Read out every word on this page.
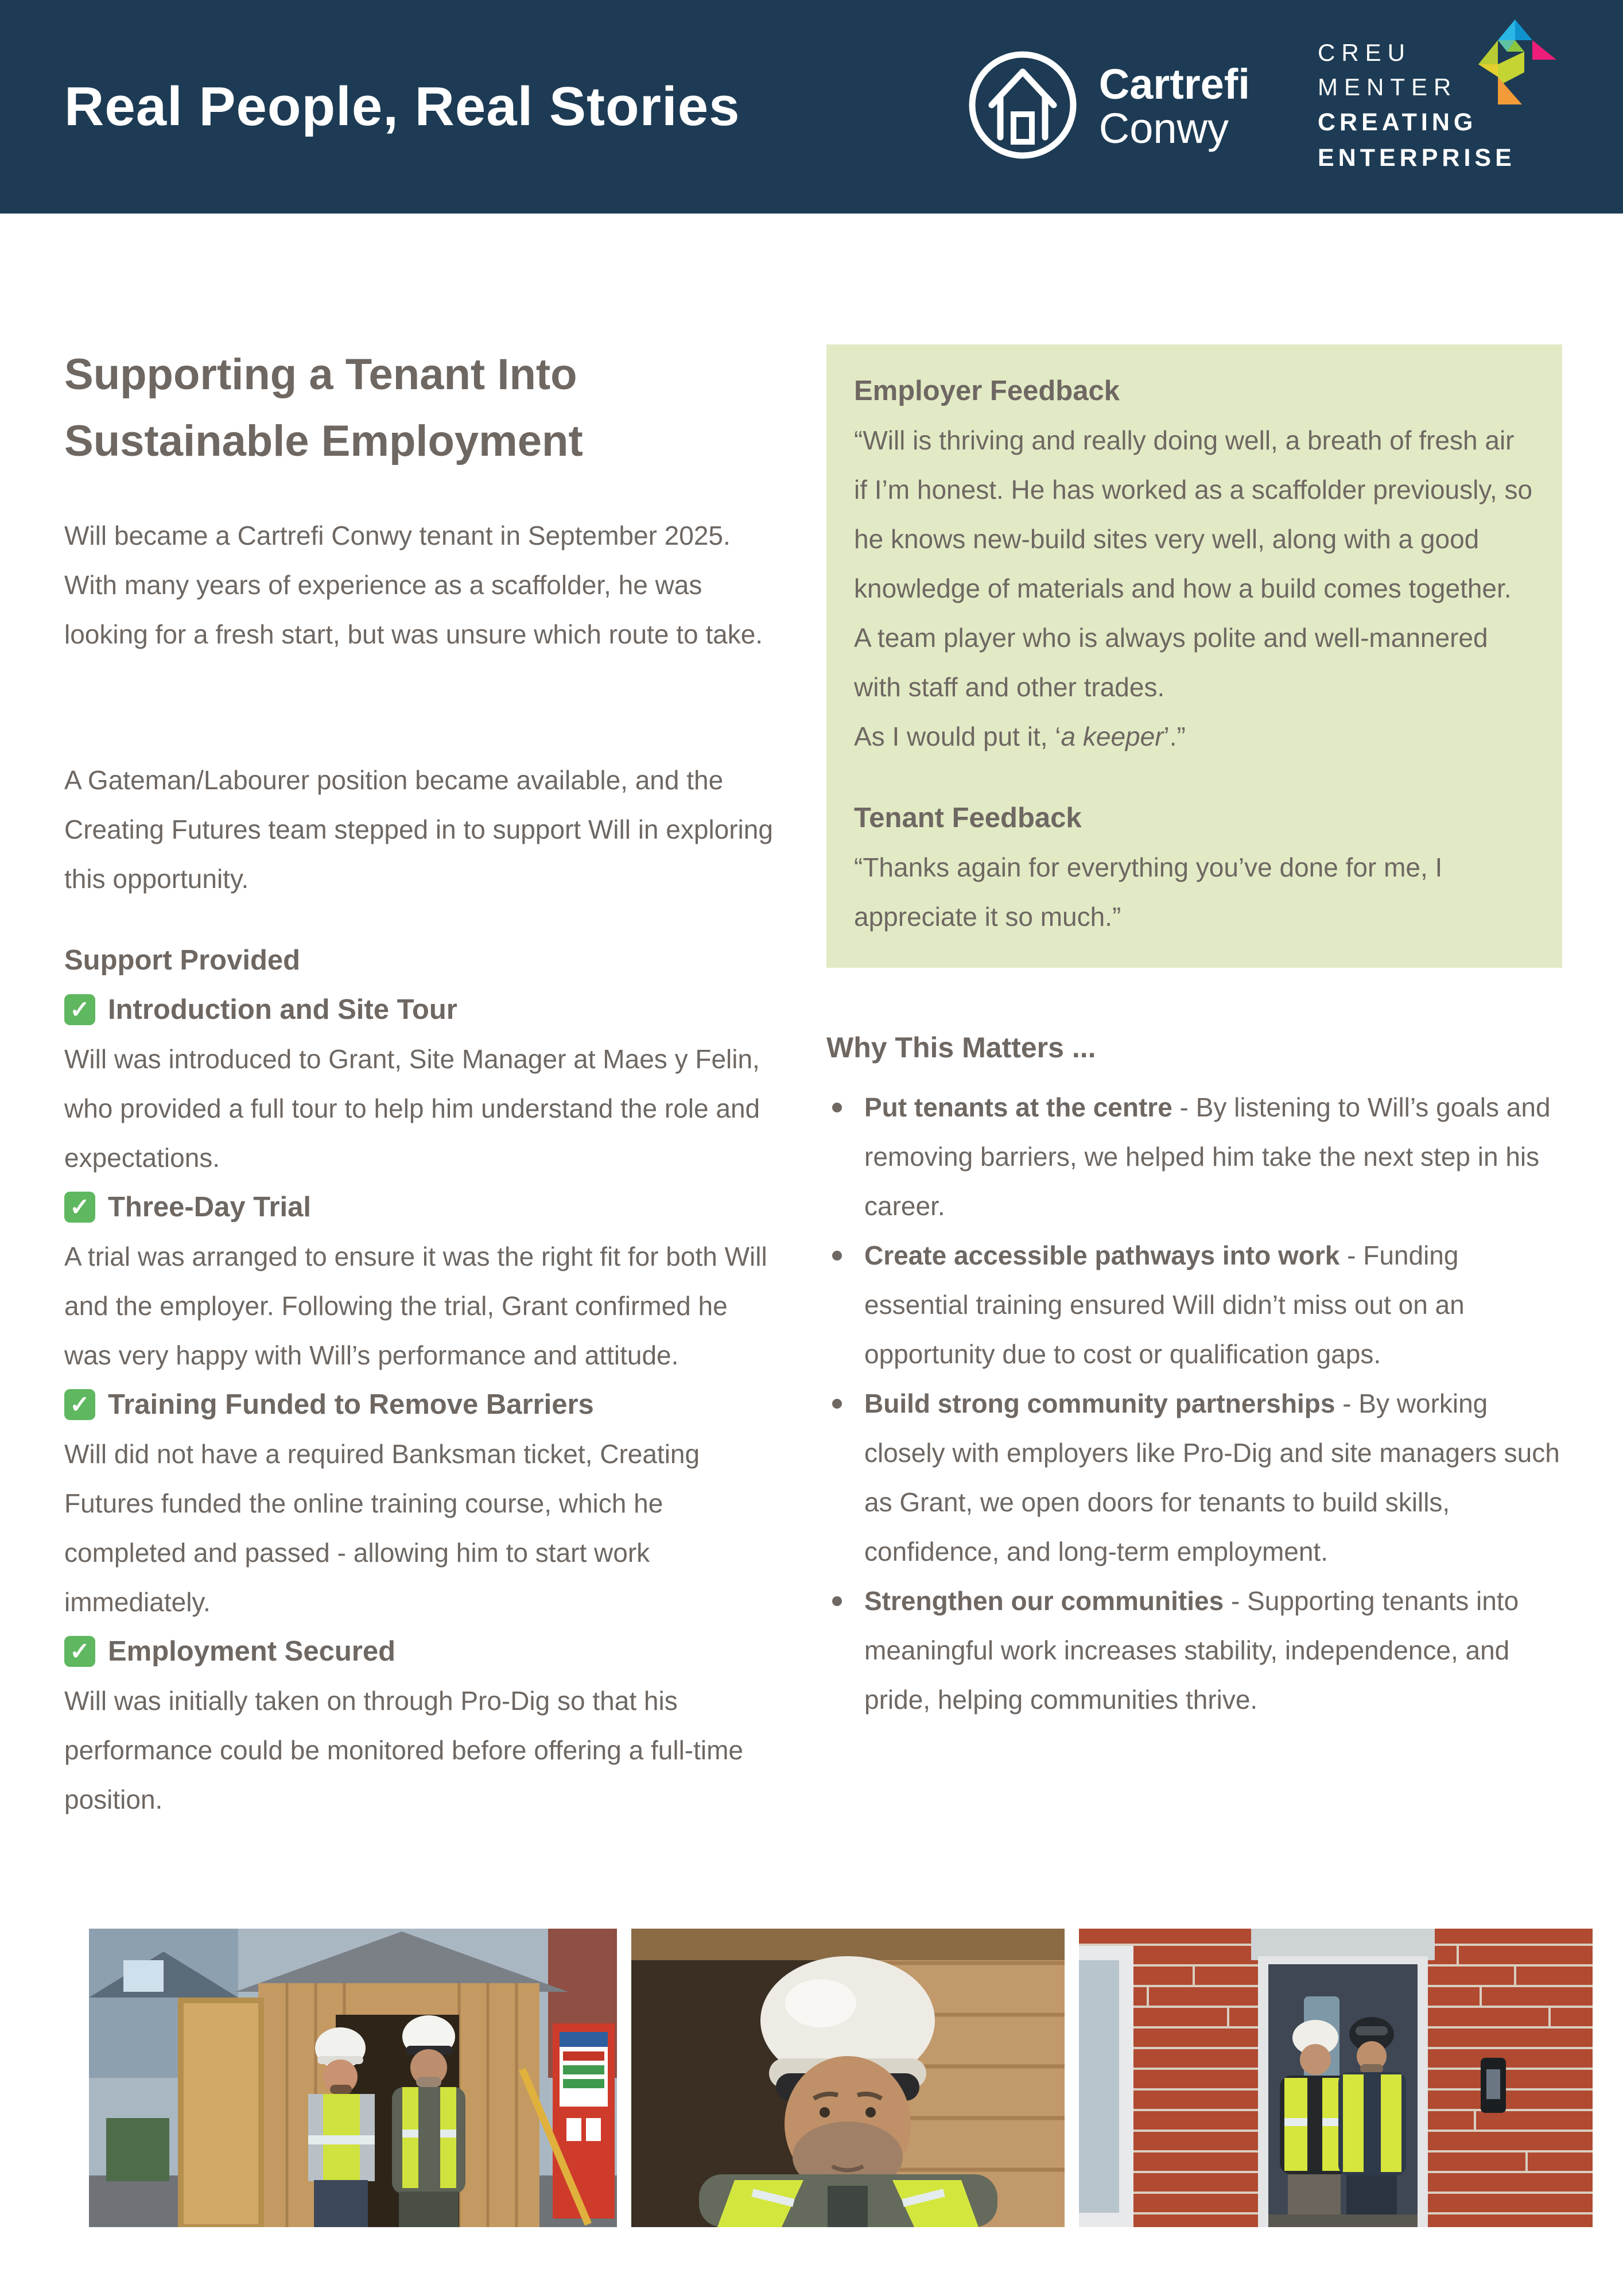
Real People, Real Stories	Cartrefi
Conwy
CREU
MENTER
CREATING
ENTERPRISE
Supporting a Tenant Into Sustainable Employment

Will became a Cartrefi Conwy tenant in September 2025. With many years of experience as a scaffolder, he was looking for a fresh start, but was unsure which route to take.

A Gateman/Labourer position became available, and the Creating Futures team stepped in to support Will in exploring this opportunity.

Support Provided
✓ Introduction and Site Tour

Will was introduced to Grant, Site Manager at Maes y Felin, who provided a full tour to help him understand the role and expectations.

✓ Three-Day Trial

A trial was arranged to ensure it was the right fit for both Will and the employer. Following the trial, Grant confirmed he was very happy with Will’s performance and attitude.

✓ Training Funded to Remove Barriers

Will did not have a required Banksman ticket, Creating Futures funded the online training course, which he completed and passed - allowing him to start work immediately.

✓ Employment Secured

Will was initially taken on through Pro-Dig so that his performance could be monitored before offering a full-time position.

Employer Feedback

“Will is thriving and really doing well, a breath of fresh air if I’m honest. He has worked as a scaffolder previously, so he knows new-build sites very well, along with a good knowledge of materials and how a build comes together.

A team player who is always polite and well-mannered with staff and other trades.

As I would put it, ‘a keeper’.”

Tenant Feedback

“Thanks again for everything you’ve done for me, I appreciate it so much.”

Why This Matters ...
Put tenants at the centre - By listening to Will’s goals and removing barriers, we helped him take the next step in his career.
Create accessible pathways into work - Funding essential training ensured Will didn’t miss out on an opportunity due to cost or qualification gaps.
Build strong community partnerships - By working closely with employers like Pro-Dig and site managers such as Grant, we open doors for tenants to build skills, confidence, and long-term employment.
Strengthen our communities - Supporting tenants into meaningful work increases stability, independence, and pride, helping communities thrive.
